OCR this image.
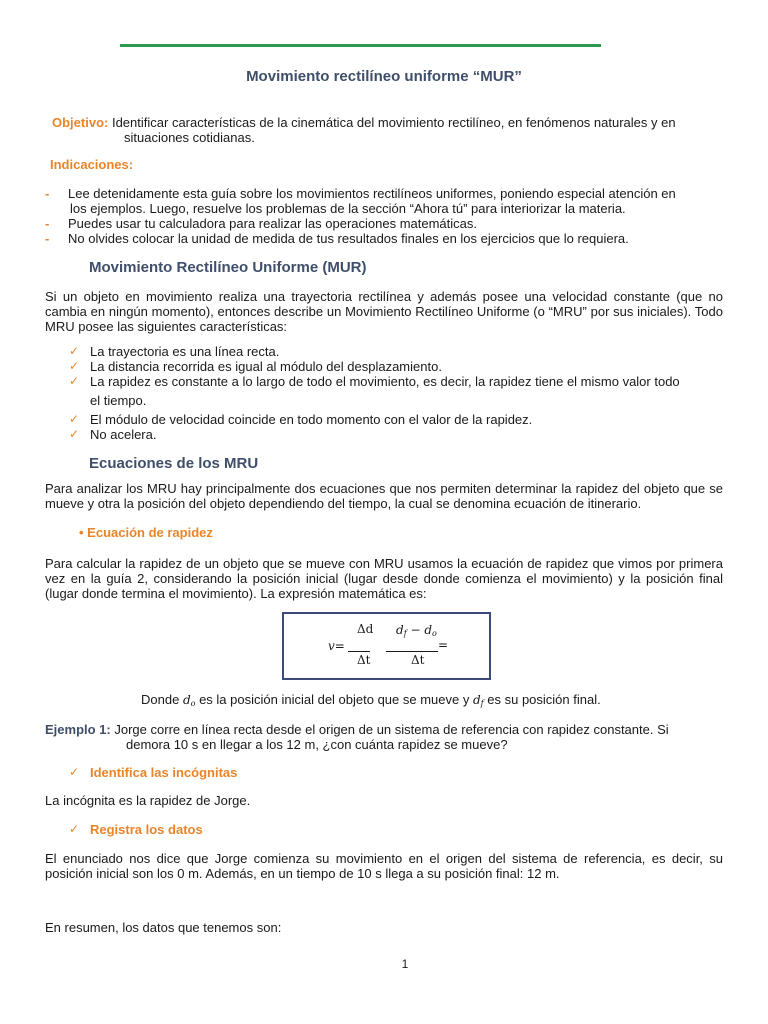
Movimiento rectilíneo uniforme “MUR”
Objetivo: Identificar características de la cinemática del movimiento rectilíneo, en fenómenos naturales y en
situaciones cotidianas.
Indicaciones:
- Lee detenidamente esta guía sobre los movimientos rectilíneos uniformes, poniendo especial atención en
los ejemplos. Luego, resuelve los problemas de la sección “Ahora tú” para interiorizar la materia.
- Puedes usar tu calculadora para realizar las operaciones matemáticas.
- No olvides colocar la unidad de medida de tus resultados finales en los ejercicios que lo requiera.
Movimiento Rectilíneo Uniforme (MUR)
Si un objeto en movimiento realiza una trayectoria rectilínea y además posee una velocidad constante (que no cambia en ningún momento), entonces describe un Movimiento Rectilíneo Uniforme (o “MRU” por sus iniciales). Todo MRU posee las siguientes características:
✓ La trayectoria es una línea recta.
✓ La distancia recorrida es igual al módulo del desplazamiento.
✓ La rapidez es constante a lo largo de todo el movimiento, es decir, la rapidez tiene el mismo valor todo
el tiempo.
✓ El módulo de velocidad coincide en todo momento con el valor de la rapidez.
✓ No acelera.
Ecuaciones de los MRU
Para analizar los MRU hay principalmente dos ecuaciones que nos permiten determinar la rapidez del objeto que se mueve y otra la posición del objeto dependiendo del tiempo, la cual se denomina ecuación de itinerario.
• Ecuación de rapidez
Para calcular la rapidez de un objeto que se mueve con MRU usamos la ecuación de rapidez que vimos por primera vez en la guía 2, considerando la posición inicial (lugar desde donde comienza el movimiento) y la posición final (lugar donde termina el movimiento). La expresión matemática es:
Δd
v=
Δt
$d_f - d_o$
=
Δt
Donde $d_o$ es la posición inicial del objeto que se mueve y $d_f$ es su posición final.
Ejemplo 1: Jorge corre en línea recta desde el origen de un sistema de referencia con rapidez constante. Si
demora 10 s en llegar a los 12 m, ¿con cuánta rapidez se mueve?
✓ Identifica las incógnitas
La incógnita es la rapidez de Jorge.
✓ Registra los datos
El enunciado nos dice que Jorge comienza su movimiento en el origen del sistema de referencia, es decir, su posición inicial son los 0 m. Además, en un tiempo de 10 s llega a su posición final: 12 m.
En resumen, los datos que tenemos son:
1
